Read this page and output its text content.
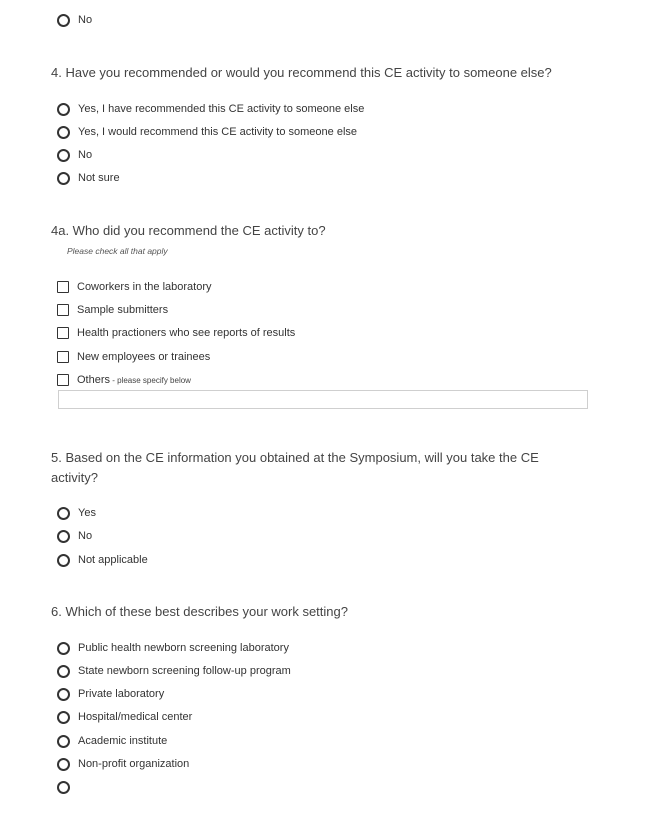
No
4. Have you recommended or would you recommend this CE activity to someone else?
Yes, I have recommended this CE activity to someone else
Yes, I would recommend this CE activity to someone else
No
Not sure
4a. Who did you recommend the CE activity to?

Please check all that apply

Coworkers in the laboratory
Sample submitters
Health practioners who see reports of results
New employees or trainees
Others - please specify below
5. Based on the CE information you obtained at the Symposium, will you take the CE activity?
Yes
No
Not applicable
6. Which of these best describes your work setting?
Public health newborn screening laboratory
State newborn screening follow-up program
Private laboratory
Hospital/medical center
Academic institute
Non-profit organization
